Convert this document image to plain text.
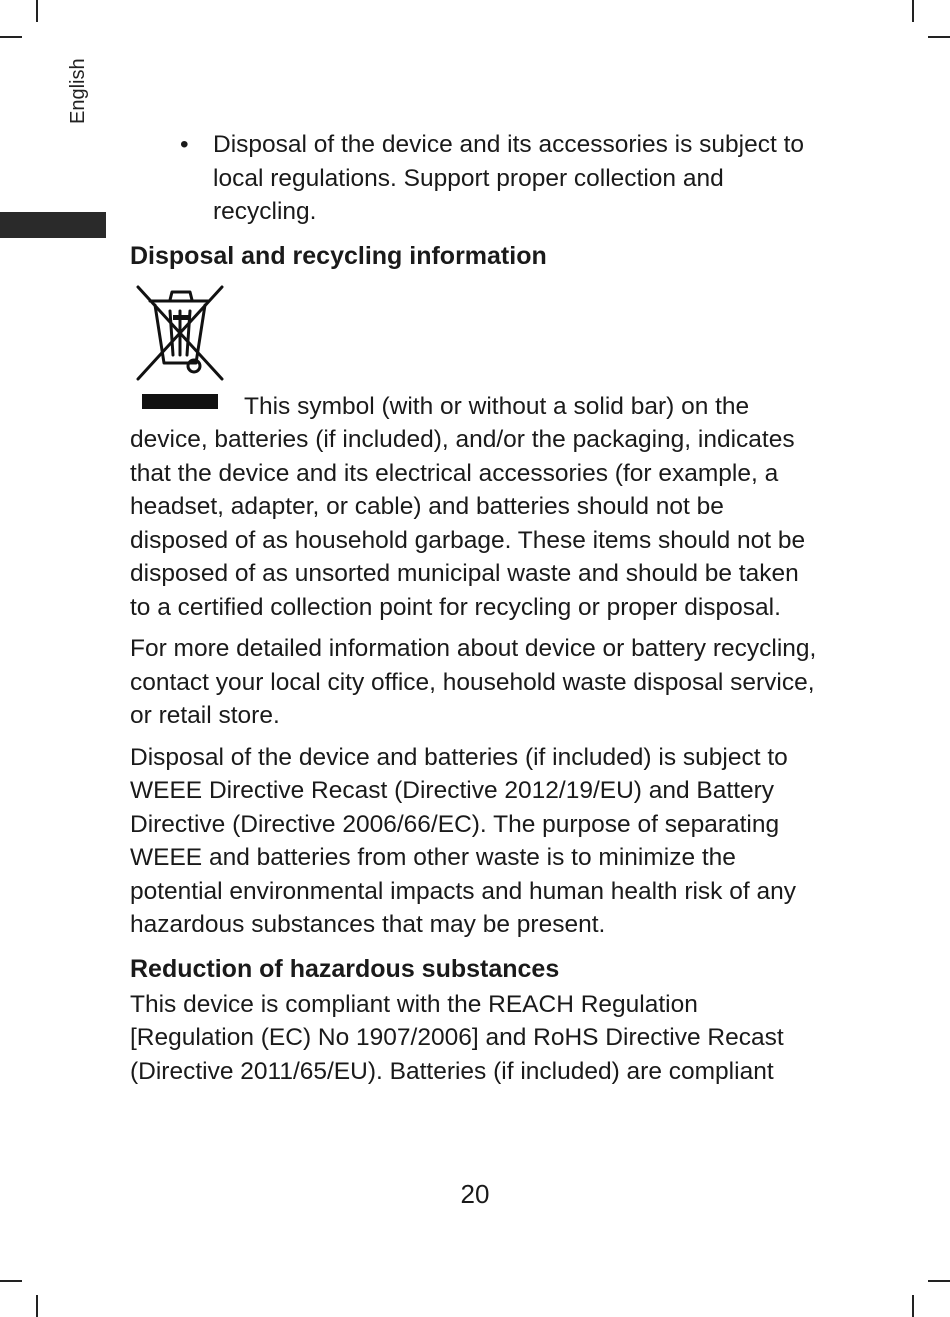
English
• Disposal of the device and its accessories is subject to local regulations. Support proper collection and recycling.
Disposal and recycling information

This symbol (with or without a solid bar) on the device, batteries (if included), and/or the packaging, indicates that the device and its electrical accessories (for example, a headset, adapter, or cable) and batteries should not be disposed of as household garbage. These items should not be disposed of as unsorted municipal waste and should be taken to a certified collection point for recycling or proper disposal.

For more detailed information about device or battery recycling, contact your local city office, household waste disposal service, or retail store.

Disposal of the device and batteries (if included) is subject to WEEE Directive Recast (Directive 2012/19/EU) and Battery Directive (Directive 2006/66/EC). The purpose of separating WEEE and batteries from other waste is to minimize the potential environmental impacts and human health risk of any hazardous substances that may be present.

Reduction of hazardous substances

This device is compliant with the REACH Regulation [Regulation (EC) No 1907/2006] and RoHS Directive Recast (Directive 2011/65/EU). Batteries (if included) are compliant

20
